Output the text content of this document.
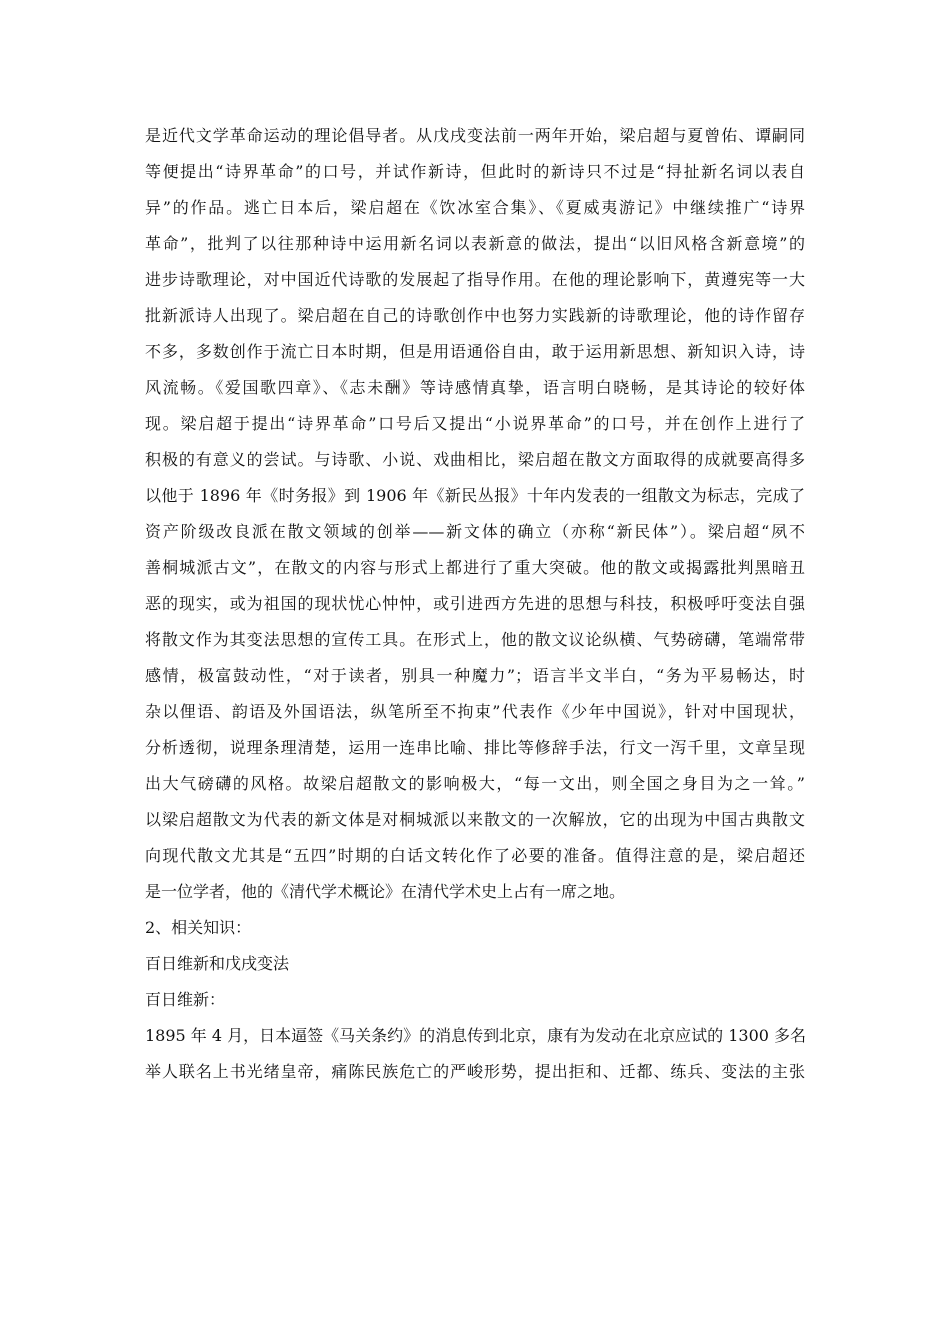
是近代文学革命运动的理论倡导者。从戊戌变法前一两年开始，梁启超与夏曾佑、谭嗣同
等便提出“诗界革命”的口号，并试作新诗，但此时的新诗只不过是“挦扯新名词以表自
异”的作品。逃亡日本后，梁启超在《饮冰室合集》、《夏威夷游记》中继续推广“诗界
革命”，批判了以往那种诗中运用新名词以表新意的做法，提出“以旧风格含新意境”的
进步诗歌理论，对中国近代诗歌的发展起了指导作用。在他的理论影响下，黄遵宪等一大
批新派诗人出现了。梁启超在自己的诗歌创作中也努力实践新的诗歌理论，他的诗作留存
不多，多数创作于流亡日本时期，但是用语通俗自由，敢于运用新思想、新知识入诗，诗
风流畅。《爱国歌四章》、《志未酬》等诗感情真挚，语言明白晓畅，是其诗论的较好体
现。梁启超于提出“诗界革命”口号后又提出“小说界革命”的口号，并在创作上进行了
积极的有意义的尝试。与诗歌、小说、戏曲相比，梁启超在散文方面取得的成就要高得多
以他于 1896 年《时务报》到 1906 年《新民丛报》十年内发表的一组散文为标志，完成了
资产阶级改良派在散文领域的创举——新文体的确立（亦称“新民体”）。梁启超“夙不
善桐城派古文”，在散文的内容与形式上都进行了重大突破。他的散文或揭露批判黑暗丑
恶的现实，或为祖国的现状忧心忡忡，或引进西方先进的思想与科技，积极呼吁变法自强
将散文作为其变法思想的宣传工具。在形式上，他的散文议论纵横、气势磅礴，笔端常带
感情，极富鼓动性，“对于读者，别具一种魔力”；语言半文半白，“务为平易畅达，时
杂以俚语、韵语及外国语法，纵笔所至不拘束”代表作《少年中国说》，针对中国现状，
分析透彻，说理条理清楚，运用一连串比喻、排比等修辞手法，行文一泻千里，文章呈现
出大气磅礴的风格。故梁启超散文的影响极大，“每一文出，则全国之身目为之一耸。”
以梁启超散文为代表的新文体是对桐城派以来散文的一次解放，它的出现为中国古典散文
向现代散文尤其是“五四”时期的白话文转化作了必要的准备。值得注意的是，梁启超还
是一位学者，他的《清代学术概论》在清代学术史上占有一席之地。
2、相关知识：
百日维新和戊戌变法
百日维新：
1895 年 4 月，日本逼签《马关条约》的消息传到北京，康有为发动在北京应试的 1300 多名
举人联名上书光绪皇帝，痛陈民族危亡的严峻形势，提出拒和、迁都、练兵、变法的主张
